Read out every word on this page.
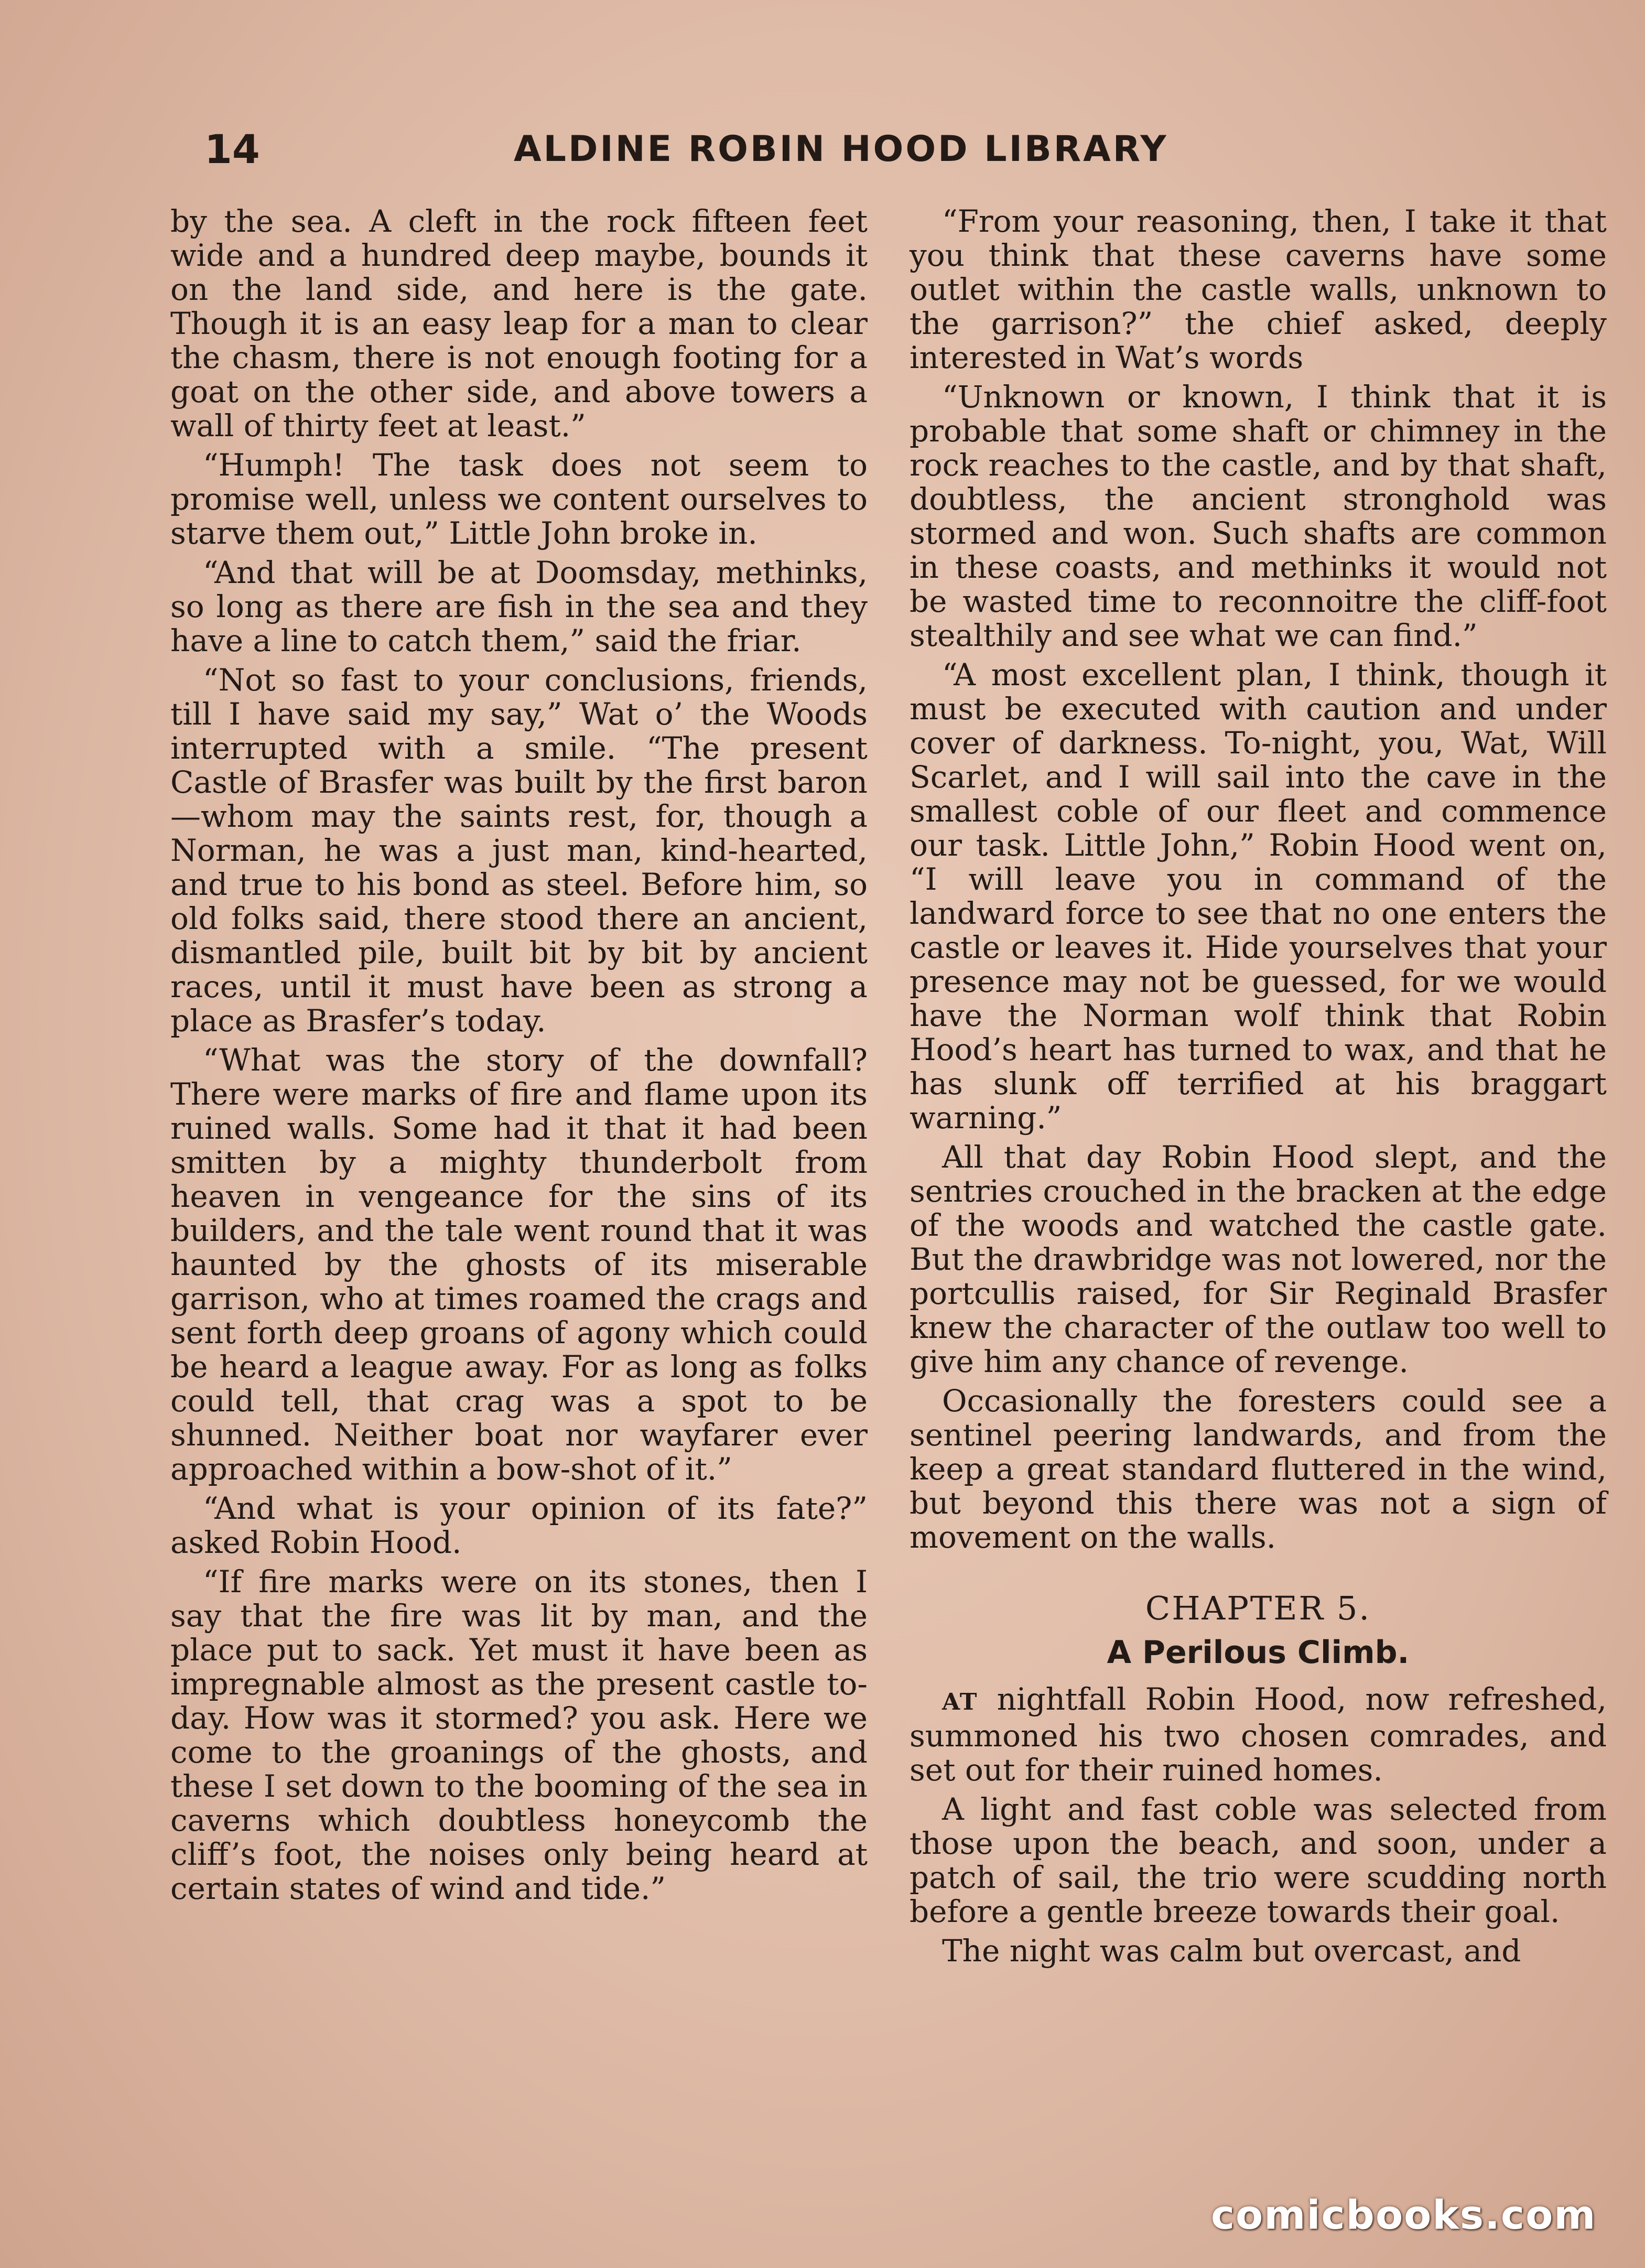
14	ALDINE ROBIN HOOD LIBRARY

by the sea. A cleft in the rock fifteen feet wide and a hundred deep maybe, bounds it on the land side, and here is the gate. Though it is an easy leap for a man to clear the chasm, there is not enough footing for a goat on the other side, and above towers a wall of thirty feet at least.”

“Humph! The task does not seem to promise well, unless we content ourselves to starve them out,” Little John broke in.

“And that will be at Doomsday, methinks, so long as there are fish in the sea and they have a line to catch them,” said the friar.

“Not so fast to your conclusions, friends, till I have said my say,” Wat o’ the Woods interrupted with a smile. “The present Castle of Brasfer was built by the first baron—whom may the saints rest, for, though a Norman, he was a just man, kind-hearted, and true to his bond as steel. Before him, so old folks said, there stood there an ancient, dismantled pile, built bit by bit by ancient races, until it must have been as strong a place as Brasfer’s today.

“What was the story of the downfall? There were marks of fire and flame upon its ruined walls. Some had it that it had been smitten by a mighty thunderbolt from heaven in vengeance for the sins of its builders, and the tale went round that it was haunted by the ghosts of its miserable garrison, who at times roamed the crags and sent forth deep groans of agony which could be heard a league away. For as long as folks could tell, that crag was a spot to be shunned. Neither boat nor wayfarer ever approached within a bow-shot of it.”

“And what is your opinion of its fate?” asked Robin Hood.

“If fire marks were on its stones, then I say that the fire was lit by man, and the place put to sack. Yet must it have been as impregnable almost as the present castle to-day. How was it stormed? you ask. Here we come to the groanings of the ghosts, and these I set down to the booming of the sea in caverns which doubtless honeycomb the cliff’s foot, the noises only being heard at certain states of wind and tide.”

“From your reasoning, then, I take it that you think that these caverns have some outlet within the castle walls, unknown to the garrison?” the chief asked, deeply interested in Wat’s words

“Unknown or known, I think that it is probable that some shaft or chimney in the rock reaches to the castle, and by that shaft, doubtless, the ancient stronghold was stormed and won. Such shafts are common in these coasts, and methinks it would not be wasted time to reconnoitre the cliff-foot stealthily and see what we can find.”

“A most excellent plan, I think, though it must be executed with caution and under cover of darkness. To-night, you, Wat, Will Scarlet, and I will sail into the cave in the smallest coble of our fleet and commence our task. Little John,” Robin Hood went on, “I will leave you in command of the landward force to see that no one enters the castle or leaves it. Hide yourselves that your presence may not be guessed, for we would have the Norman wolf think that Robin Hood’s heart has turned to wax, and that he has slunk off terrified at his braggart warning.”

All that day Robin Hood slept, and the sentries crouched in the bracken at the edge of the woods and watched the castle gate. But the drawbridge was not lowered, nor the portcullis raised, for Sir Reginald Brasfer knew the character of the outlaw too well to give him any chance of revenge.

Occasionally the foresters could see a sentinel peering landwards, and from the keep a great standard fluttered in the wind, but beyond this there was not a sign of movement on the walls.

CHAPTER 5.
A Perilous Climb.

AT nightfall Robin Hood, now refreshed, summoned his two chosen comrades, and set out for their ruined homes.

A light and fast coble was selected from those upon the beach, and soon, under a patch of sail, the trio were scudding north before a gentle breeze towards their goal.

The night was calm but overcast, and

comicbooks.com
